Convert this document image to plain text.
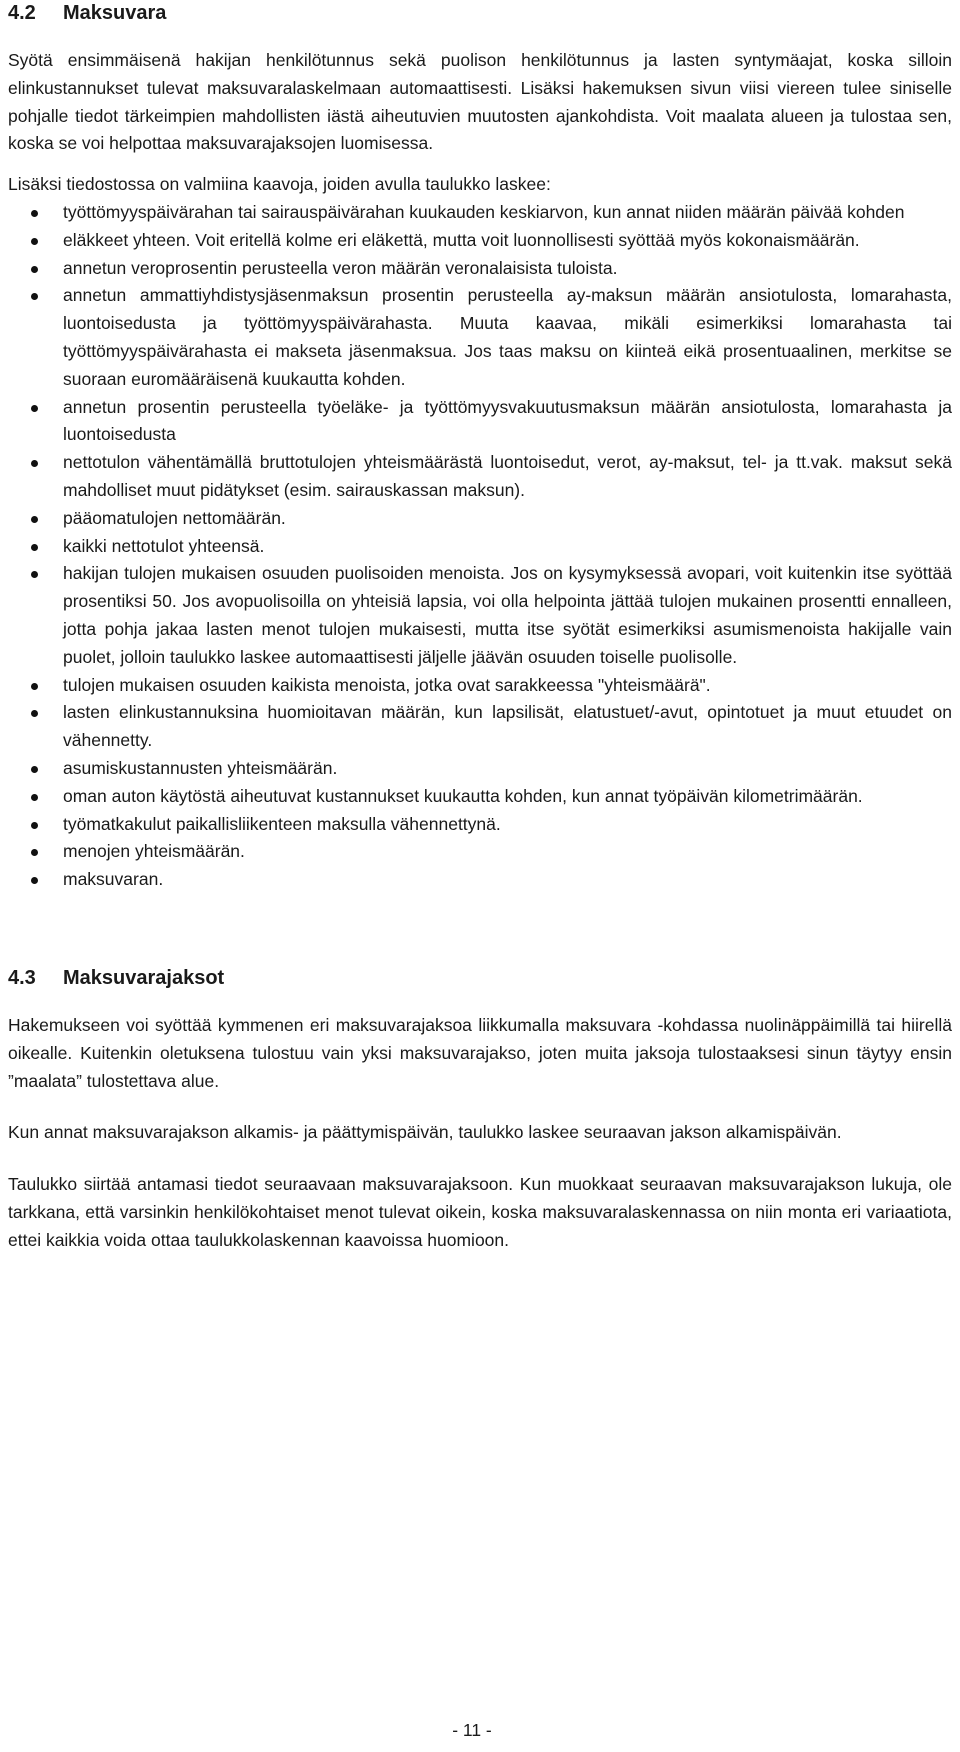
4.2	Maksuvara

Syötä ensimmäisenä hakijan henkilötunnus sekä puolison henkilötunnus ja lasten syntymäajat, koska silloin elinkustannukset tulevat maksuvaralaskelmaan automaattisesti. Lisäksi hakemuksen sivun viisi viereen tulee siniselle pohjalle tiedot tärkeimpien mahdollisten iästä aiheutuvien muutosten ajankohdista. Voit maalata alueen ja tulostaa sen, koska se voi helpottaa maksuvarajaksojen luomisessa.

Lisäksi tiedostossa on valmiina kaavoja, joiden avulla taulukko laskee:

työttömyyspäivärahan tai sairauspäivärahan kuukauden keskiarvon, kun annat niiden määrän päivää kohden
eläkkeet yhteen. Voit eritellä kolme eri eläkettä, mutta voit luonnollisesti syöttää myös kokonaismäärän.
annetun veroprosentin perusteella veron määrän veronalaisista tuloista.
annetun ammattiyhdistysjäsenmaksun prosentin perusteella ay-maksun määrän ansiotulosta, lomarahasta, luontoisedusta ja työttömyyspäivärahasta. Muuta kaavaa, mikäli esimerkiksi lomarahasta tai työttömyyspäivärahasta ei makseta jäsenmaksua. Jos taas maksu on kiinteä eikä prosentuaalinen, merkitse se suoraan euromääräisenä kuukautta kohden.
annetun prosentin perusteella työeläke- ja työttömyysvakuutusmaksun määrän ansiotulosta, lomarahasta ja luontoisedusta
nettotulon vähentämällä bruttotulojen yhteismäärästä luontoisedut, verot, ay-maksut, tel- ja tt.vak. maksut sekä mahdolliset muut pidätykset (esim. sairauskassan maksun).
pääomatulojen nettomäärän.
kaikki nettotulot yhteensä.
hakijan tulojen mukaisen osuuden puolisoiden menoista. Jos on kysymyksessä avopari, voit kuitenkin itse syöttää prosentiksi 50. Jos avopuolisoilla on yhteisiä lapsia, voi olla helpointa jättää tulojen mukainen prosentti ennalleen, jotta pohja jakaa lasten menot tulojen mukaisesti, mutta itse syötät esimerkiksi asumismenoista hakijalle vain puolet, jolloin taulukko laskee automaattisesti jäljelle jäävän osuuden toiselle puolisolle.
tulojen mukaisen osuuden kaikista menoista, jotka ovat sarakkeessa "yhteismäärä".
lasten elinkustannuksina huomioitavan määrän, kun lapsilisät, elatustuet/-avut, opintotuet ja muut etuudet on vähennetty.
asumiskustannusten yhteismäärän.
oman auton käytöstä aiheutuvat kustannukset kuukautta kohden, kun annat työpäivän kilometrimäärän.
työmatkakulut paikallisliikenteen maksulla vähennettynä.
menojen yhteismäärän.
maksuvaran.
4.3	Maksuvarajaksot

Hakemukseen voi syöttää kymmenen eri maksuvarajaksoa liikkumalla maksuvara -kohdassa nuolinäppäimillä tai hiirellä oikealle. Kuitenkin oletuksena tulostuu vain yksi maksuvarajakso, joten muita jaksoja tulostaaksesi sinun täytyy ensin ”maalata” tulostettava alue.

Kun annat maksuvarajakson alkamis- ja päättymispäivän, taulukko laskee seuraavan jakson alkamispäivän.

Taulukko siirtää antamasi tiedot seuraavaan maksuvarajaksoon. Kun muokkaat seuraavan maksuvarajakson lukuja, ole tarkkana, että varsinkin henkilökohtaiset menot tulevat oikein, koska maksuvaralaskennassa on niin monta eri variaatiota, ettei kaikkia voida ottaa taulukkolaskennan kaavoissa huomioon.

- 11 -
